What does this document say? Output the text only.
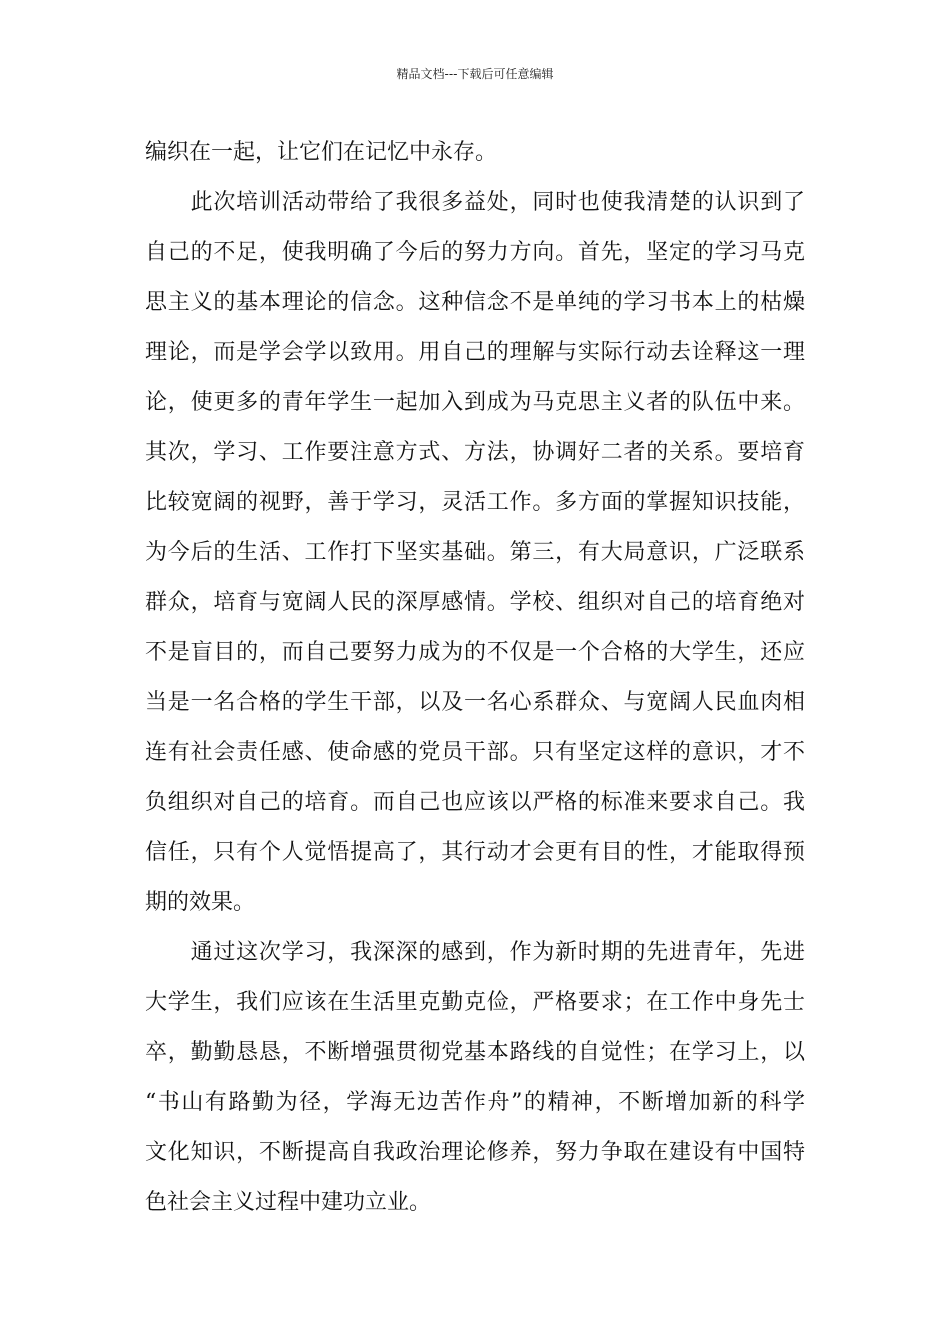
精品文档---下载后可任意编辑
编织在一起，让它们在记忆中永存。
　　此次培训活动带给了我很多益处，同时也使我清楚的认识到了
自己的不足，使我明确了今后的努力方向。首先，坚定的学习马克
思主义的基本理论的信念。这种信念不是单纯的学习书本上的枯燥
理论，而是学会学以致用。用自己的理解与实际行动去诠释这一理
论，使更多的青年学生一起加入到成为马克思主义者的队伍中来。
其次，学习、工作要注意方式、方法，协调好二者的关系。要培育
比较宽阔的视野，善于学习，灵活工作。多方面的掌握知识技能，
为今后的生活、工作打下坚实基础。第三，有大局意识，广泛联系
群众，培育与宽阔人民的深厚感情。学校、组织对自己的培育绝对
不是盲目的，而自己要努力成为的不仅是一个合格的大学生，还应
当是一名合格的学生干部，以及一名心系群众、与宽阔人民血肉相
连有社会责任感、使命感的党员干部。只有坚定这样的意识，才不
负组织对自己的培育。而自己也应该以严格的标准来要求自己。我
信任，只有个人觉悟提高了，其行动才会更有目的性，才能取得预
期的效果。
　　通过这次学习，我深深的感到，作为新时期的先进青年，先进
大学生，我们应该在生活里克勤克俭，严格要求；在工作中身先士
卒，勤勤恳恳，不断增强贯彻党基本路线的自觉性；在学习上，以
“书山有路勤为径，学海无边苦作舟”的精神，不断增加新的科学
文化知识，不断提高自我政治理论修养，努力争取在建设有中国特
色社会主义过程中建功立业。
